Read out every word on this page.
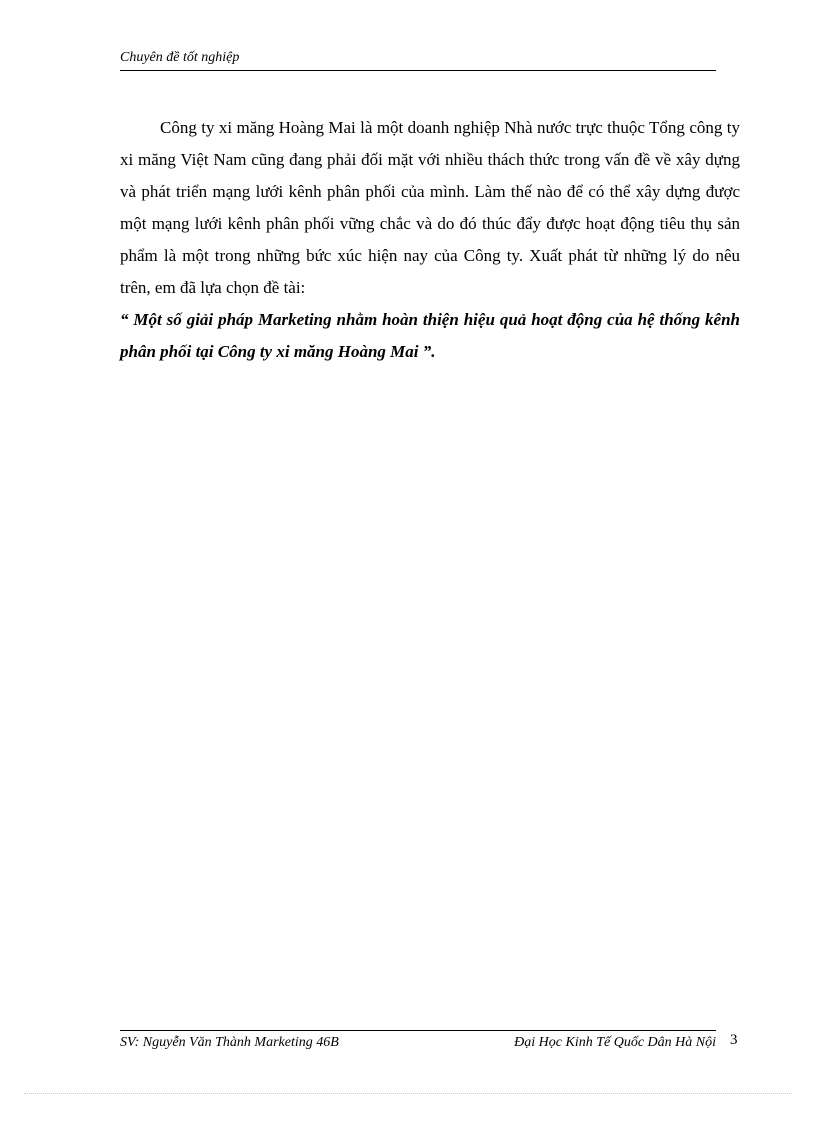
Chuyên đề tốt nghiệp

Công ty xi măng Hoàng Mai là một doanh nghiệp Nhà nước trực thuộc Tổng công ty xi măng Việt Nam cũng đang phải đối mặt với nhiều thách thức trong vấn đề về xây dựng và phát triển mạng lưới kênh phân phối của mình. Làm thế nào để có thể xây dựng được một mạng lưới kênh phân phối vững chắc và do đó thúc đẩy được hoạt động tiêu thụ sản phẩm là một trong những bức xúc hiện nay của Công ty. Xuất phát từ những lý do nêu trên, em đã lựa chọn đề tài:

“ Một số giải pháp Marketing nhằm hoàn thiện hiệu quả hoạt động của hệ thống kênh phân phối tại Công ty xi măng Hoàng Mai ”.

SV: Nguyễn Văn Thành Marketing 46B	Đại Học Kinh Tế Quốc Dân Hà Nội 3
